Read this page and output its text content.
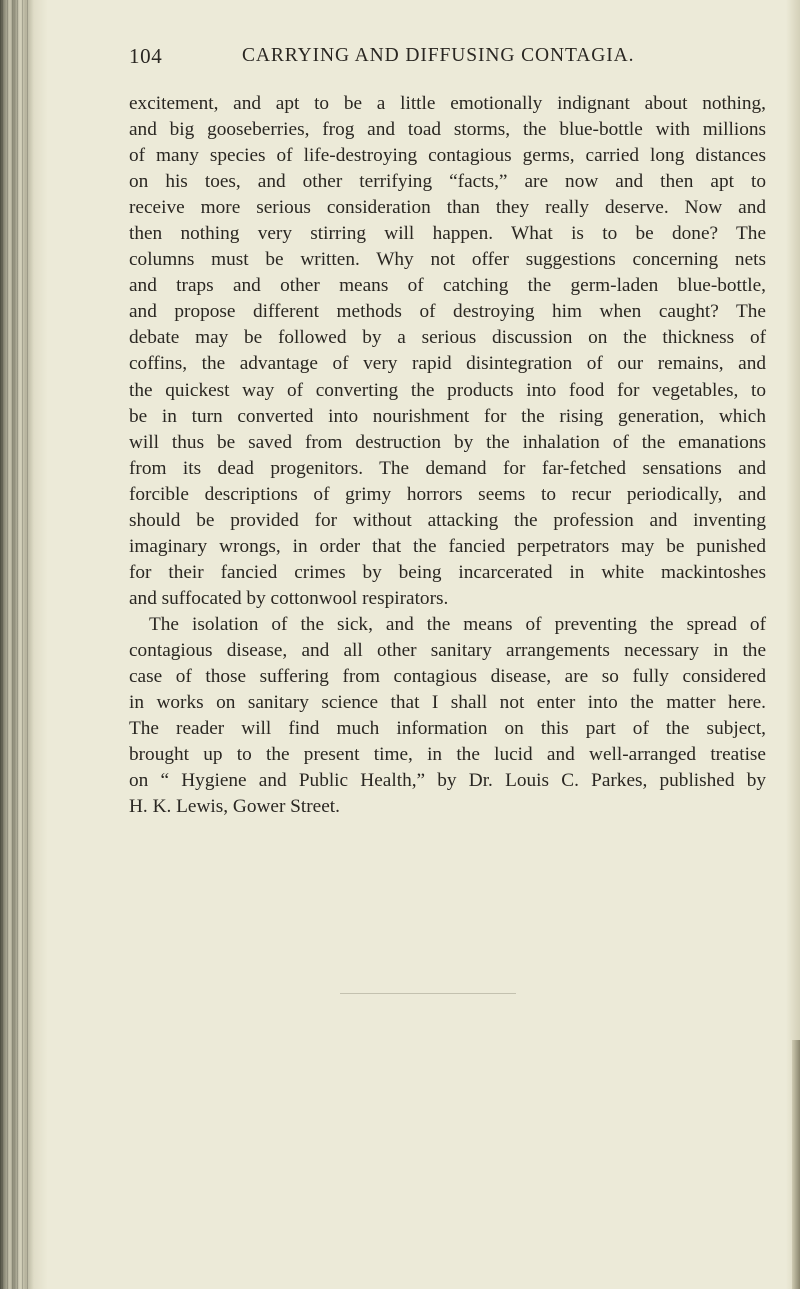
104	CARRYING AND DIFFUSING CONTAGIA.
excitement, and apt to be a little emotionally indignant about nothing,
and big gooseberries, frog and toad storms, the blue-bottle with millions
of many species of life-destroying contagious germs, carried long distances
on his toes, and other terrifying “facts,” are now and then apt to
receive more serious consideration than they really deserve. Now and
then nothing very stirring will happen. What is to be done? The
columns must be written. Why not offer suggestions concerning nets
and traps and other means of catching the germ-laden blue-bottle,
and propose different methods of destroying him when caught? The
debate may be followed by a serious discussion on the thickness of
coffins, the advantage of very rapid disintegration of our remains, and
the quickest way of converting the products into food for vegetables, to
be in turn converted into nourishment for the rising generation, which
will thus be saved from destruction by the inhalation of the emanations
from its dead progenitors. The demand for far-fetched sensations and
forcible descriptions of grimy horrors seems to recur periodically, and
should be provided for without attacking the profession and inventing
imaginary wrongs, in order that the fancied perpetrators may be punished
for their fancied crimes by being incarcerated in white mackintoshes
and suffocated by cottonwool respirators.
The isolation of the sick, and the means of preventing the spread of
contagious disease, and all other sanitary arrangements necessary in the
case of those suffering from contagious disease, are so fully considered
in works on sanitary science that I shall not enter into the matter here.
The reader will find much information on this part of the subject,
brought up to the present time, in the lucid and well-arranged treatise
on “ Hygiene and Public Health,” by Dr. Louis C. Parkes, published by
H. K. Lewis, Gower Street.
